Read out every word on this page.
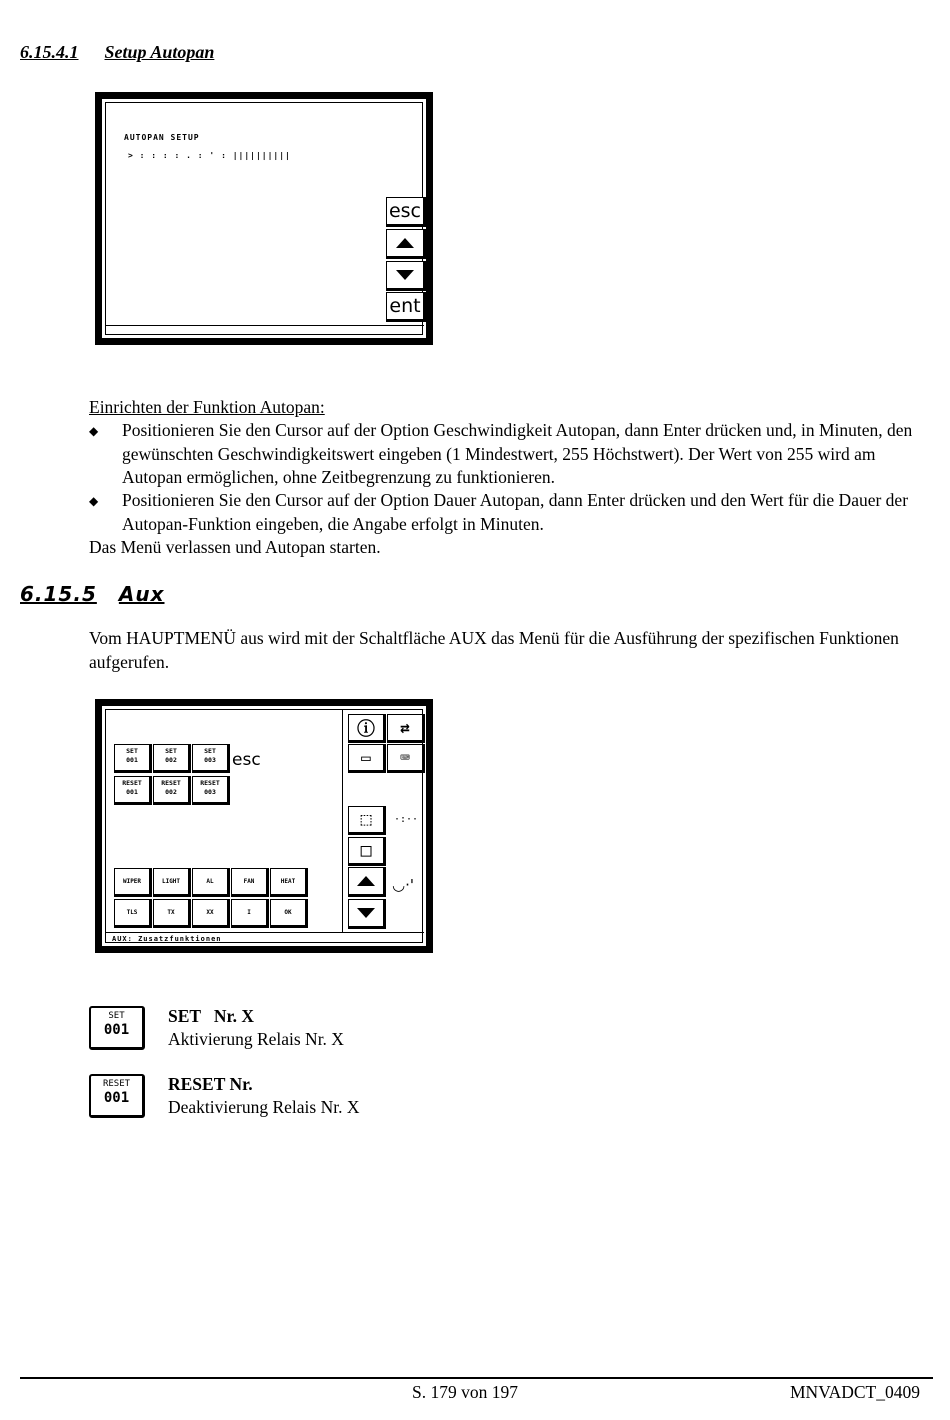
6.15.4.1 Setup Autopan
AUTOPAN SETUP
> : : : : . : ' : ||||||||||
esc
ent
Einrichten der Funktion Autopan:
◆ Positionieren Sie den Cursor auf der Option Geschwindigkeit Autopan, dann Enter drücken und, in Minuten, den gewünschten Geschwindigkeitswert eingeben (1 Mindestwert, 255 Höchstwert). Der Wert von 255 wird am Autopan ermöglichen, ohne Zeitbegrenzung zu funktionieren.
◆ Positionieren Sie den Cursor auf der Option Dauer Autopan, dann Enter drücken und den Wert für die Dauer der Autopan-Funktion eingeben, die Angabe erfolgt in Minuten.
Das Menü verlassen und Autopan starten.
6.15.5 Aux
Vom HAUPTMENÜ aus wird mit der Schaltfläche AUX das Menü für die Ausführung der spezifischen Funktionen aufgerufen.
SET
001
SET
002
SET
003 esc
RESET
001
RESET
002
RESET
003
ⓘ ⇄
▭ ⌨
⬚ ·:··
□
◡·'
WIPER	LIGHT	AL	FAN	HEAT
TLS	TX	XX	I	OK
AUX: Zusatzfunktionen
SET
001
SET   Nr. X
Aktivierung Relais Nr. X
RESET
001
RESET Nr.
Deaktivierung Relais Nr. X
S. 179 von 197	MNVADCT_0409
